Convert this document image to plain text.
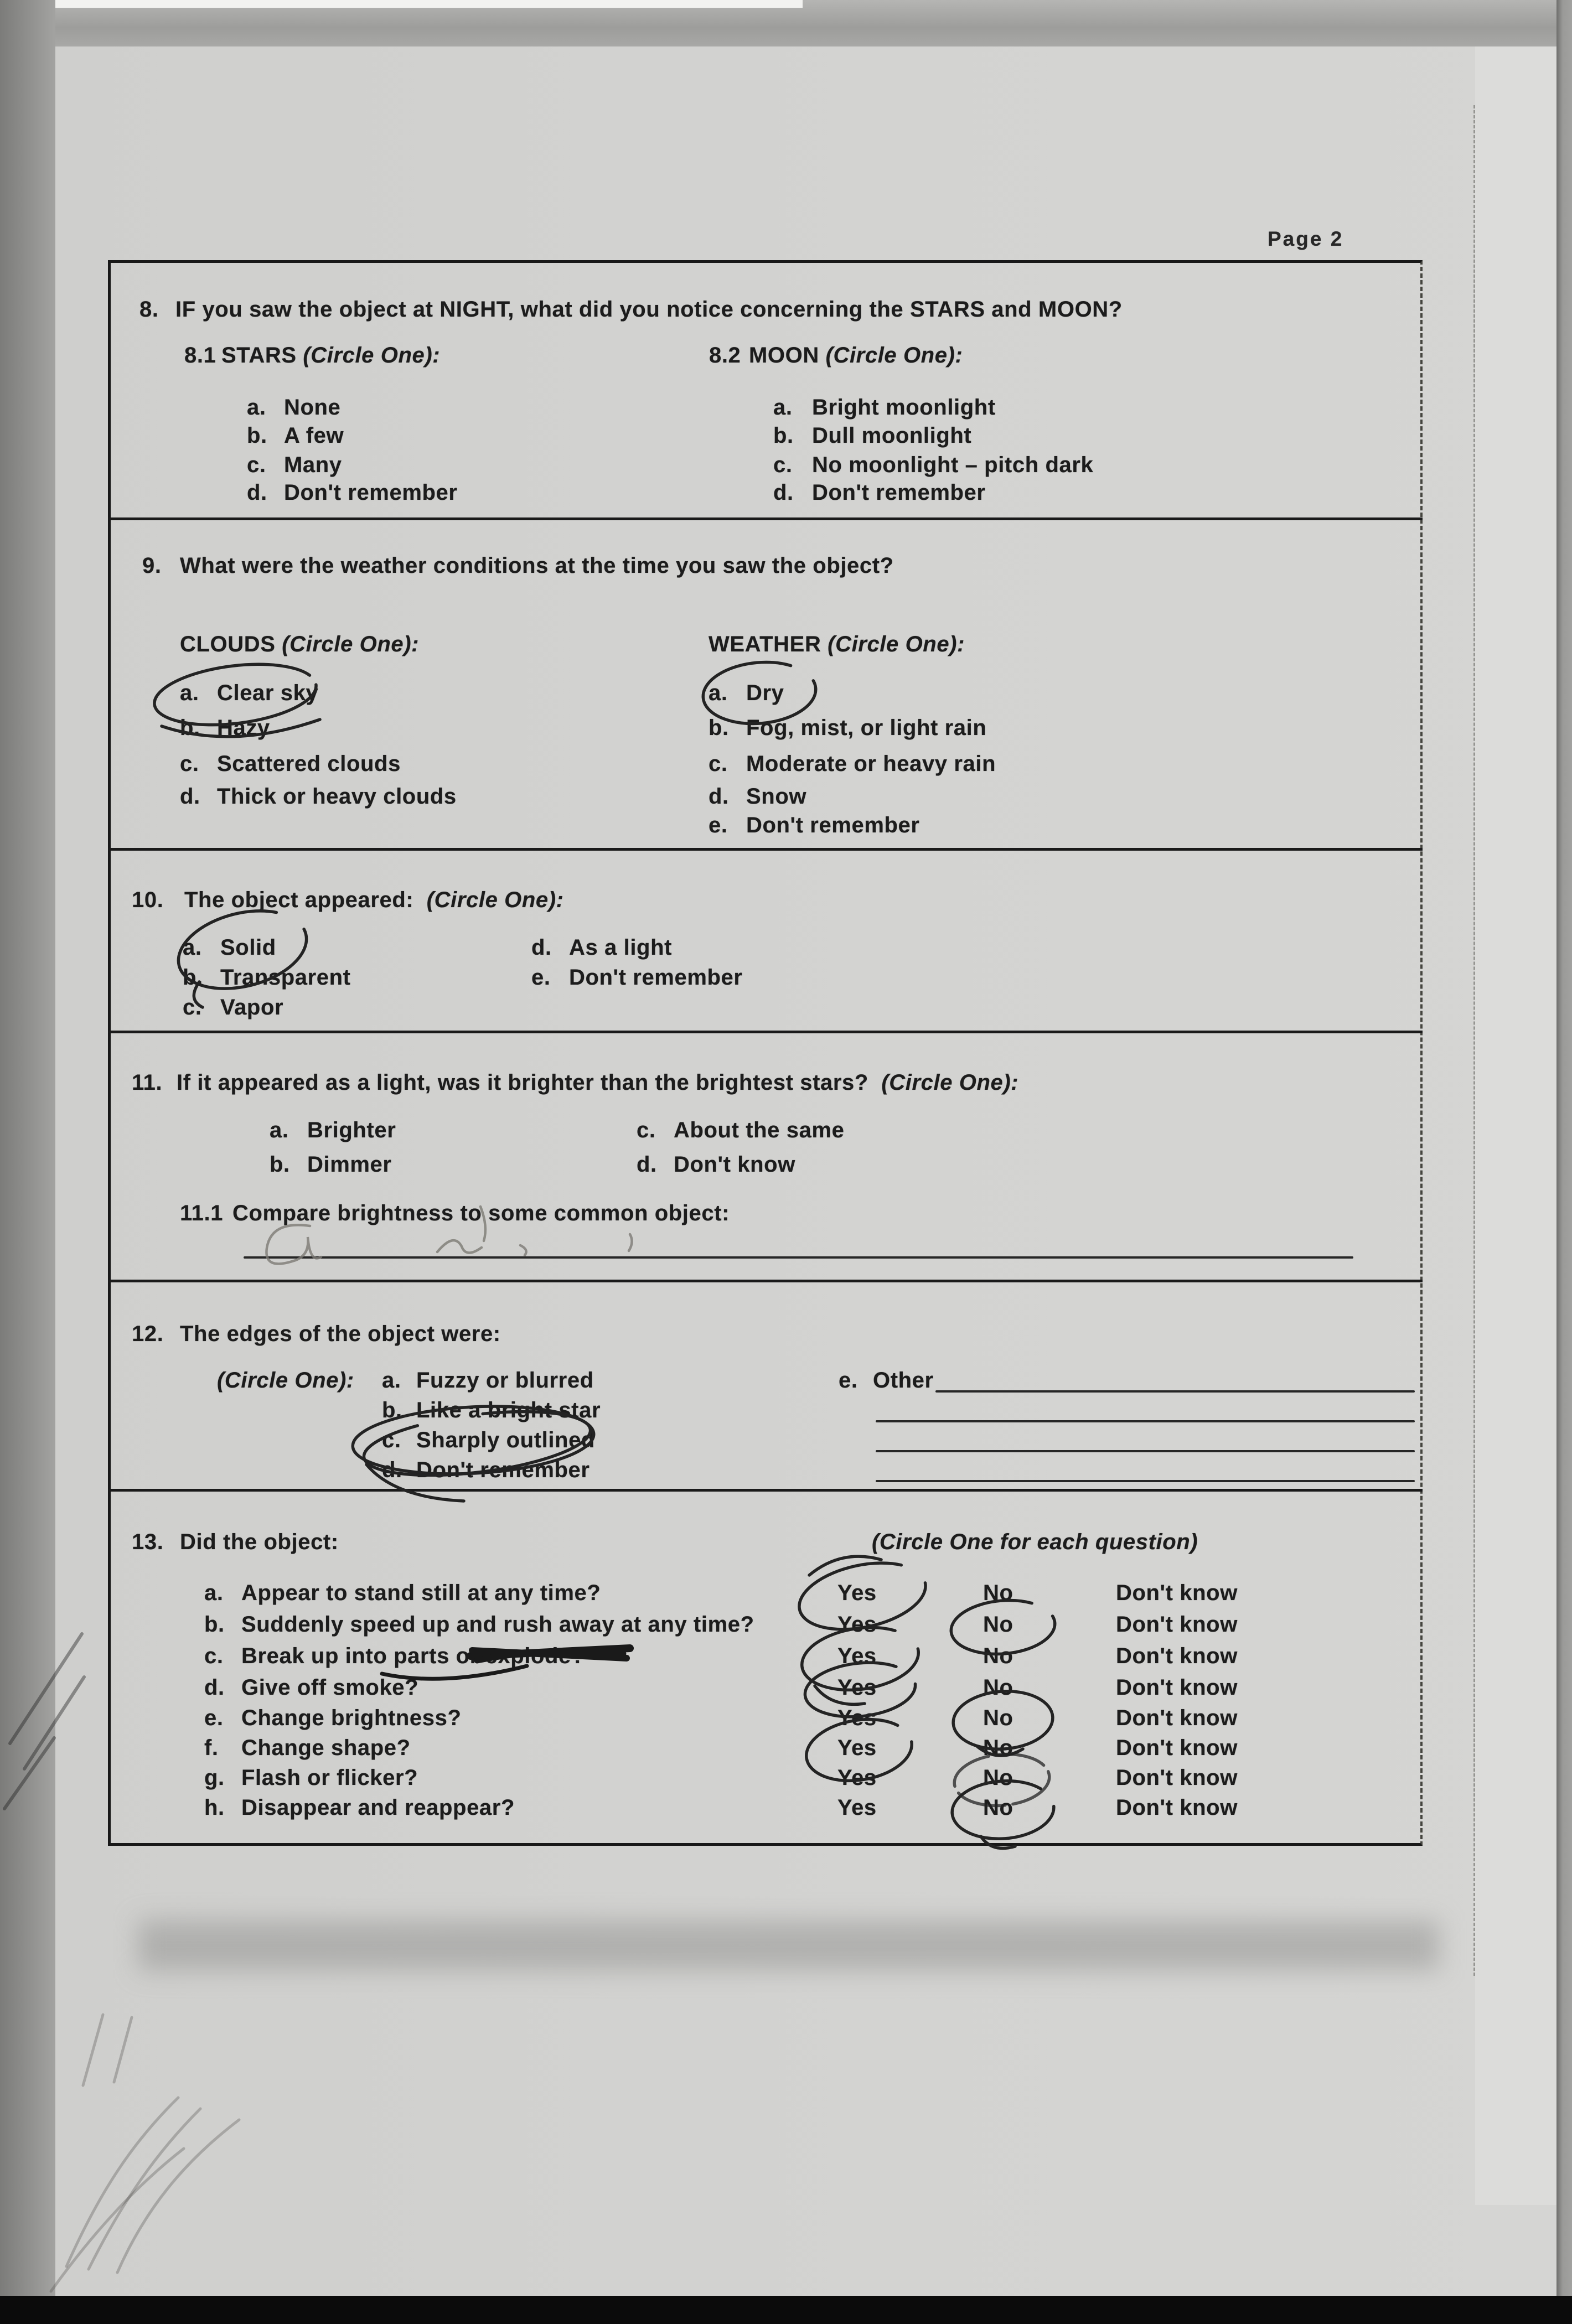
Page 2
8. IF you saw the object at NIGHT, what did you notice concerning the STARS and MOON?
8.1 STARS (Circle One):	8.2 MOON (Circle One):
a. None
b. A few
c. Many
d. Don't remember
a. Bright moonlight
b. Dull moonlight
c. No moonlight – pitch dark
d. Don't remember
9. What were the weather conditions at the time you saw the object?
CLOUDS (Circle One):	WEATHER (Circle One):
a. Clear sky
b. Hazy
c. Scattered clouds
d. Thick or heavy clouds
a. Dry
b. Fog, mist, or light rain
c. Moderate or heavy rain
d. Snow
e. Don't remember
10. The object appeared: (Circle One):
a. Solid
b. Transparent
c. Vapor
d. As a light
e. Don't remember
11. If it appeared as a light, was it brighter than the brightest stars? (Circle One):
a. Brighter
b. Dimmer
c. About the same
d. Don't know
11.1 Compare brightness to some common object:
12. The edges of the object were:
(Circle One): a. Fuzzy or blurred
b. Like a bright star
c. Sharply outlined
d. Don't remember
e. Other
13. Did the object:	(Circle One for each question)
a. Appear to stand still at any time?	Yes	No	Don't know
b. Suddenly speed up and rush away at any time?	Yes	No	Don't know
c. Break up into parts or explode?	Yes	No	Don't know
d. Give off smoke?	Yes	No	Don't know
e. Change brightness?	Yes	No	Don't know
f. Change shape?	Yes	No	Don't know
g. Flash or flicker?	Yes	No	Don't know
h. Disappear and reappear?	Yes	No	Don't know
